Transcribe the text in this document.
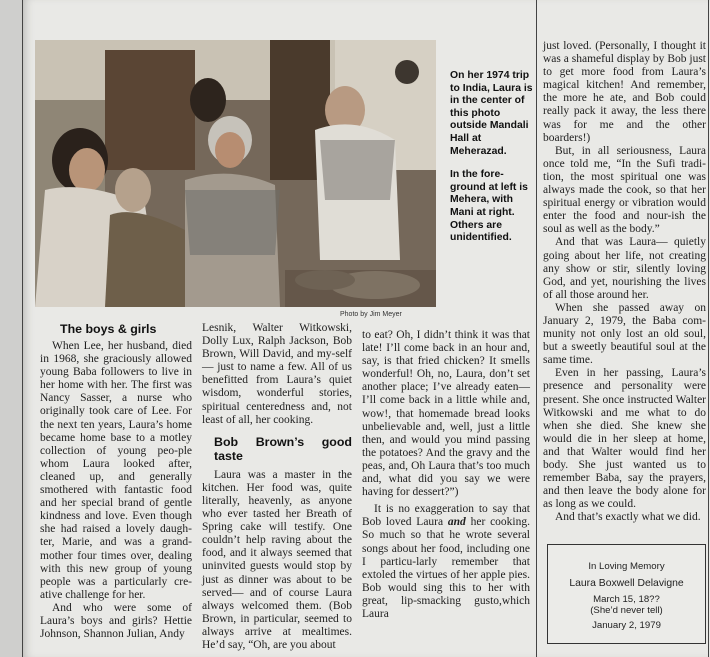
On her 1974 trip to India, Laura is in the center of this photo outside Mandali Hall at Meherazad.

In the fore-ground at left is Mehera, with Mani at right. Others are unidentified.

Photo by Jim Meyer

The boys & girls

When Lee, her husband, died in 1968, she graciously allowed young Baba followers to live in her home with her. The first was Nancy Sasser, a nurse who originally took care of Lee. For the next ten years, Laura’s home became home base to a motley collection of young peo-ple whom Laura looked after, cleaned up, and generally smothered with fantastic food and her special brand of gentle kindness and love. Even though she had raised a lovely daugh-ter, Marie, and was a grand-mother four times over, dealing with this new group of young people was a particularly cre-ative challenge for her.

And who were some of Laura’s boys and girls? Hettie Johnson, Shannon Julian, Andy

Lesnik, Walter Witkowski, Dolly Lux, Ralph Jackson, Bob Brown, Will David, and my-self— just to name a few. All of us benefitted from Laura’s quiet wisdom, wonderful stories, spiritual centeredness and, not least of all, her cooking.

Bob Brown’s good taste

Laura was a master in the kitchen. Her food was, quite literally, heavenly, as anyone who ever tasted her Breath of Spring cake will testify. One couldn’t help raving about the food, and it always seemed that uninvited guests would stop by just as dinner was about to be served— and of course Laura always welcomed them. (Bob Brown, in particular, seemed to always arrive at mealtimes. He’d say, “Oh, are you about

to eat? Oh, I didn’t think it was that late! I’ll come back in an hour and, say, is that fried chicken? It smells wonderful! Oh, no, Laura, don’t set another place; I’ve already eaten— I’ll come back in a little while and, wow!, that homemade bread looks unbelievable and, well, just a little then, and would you mind passing the potatoes? And the gravy and the peas, and, Oh Laura that’s too much and, what did you say we were having for dessert?”)

It is no exaggeration to say that Bob loved Laura and her cooking. So much so that he wrote several songs about her food, including one I particu-larly remember that extoled the virtues of her apple pies. Bob would sing this to her with great, lip-smacking gusto,which Laura

just loved. (Personally, I thought it was a shameful display by Bob just to get more food from Laura’s magical kitchen! And remember, the more he ate, and Bob could really pack it away, the less there was for me and the other boarders!)

But, in all seriousness, Laura once told me, “In the Sufi tradi-tion, the most spiritual one was always made the cook, so that her spiritual energy or vibration would enter the food and nour-ish the soul as well as the body.”

And that was Laura— quietly going about her life, not creating any show or stir, silently loving God, and yet, nourishing the lives of all those around her.

When she passed away on January 2, 1979, the Baba com-munity not only lost an old soul, but a sweetly beautiful soul at the same time.

Even in her passing, Laura’s presence and personality were present. She once instructed Walter Witkowski and me what to do when she died. She knew she would die in her sleep at home, and that Walter would find her body. She just wanted us to remember Baba, say the prayers, and then leave the body alone for as long as we could.

And that’s exactly what we did.

In Loving Memory
Laura Boxwell Delavigne
March 15, 18??
(She’d never tell)
January 2, 1979
